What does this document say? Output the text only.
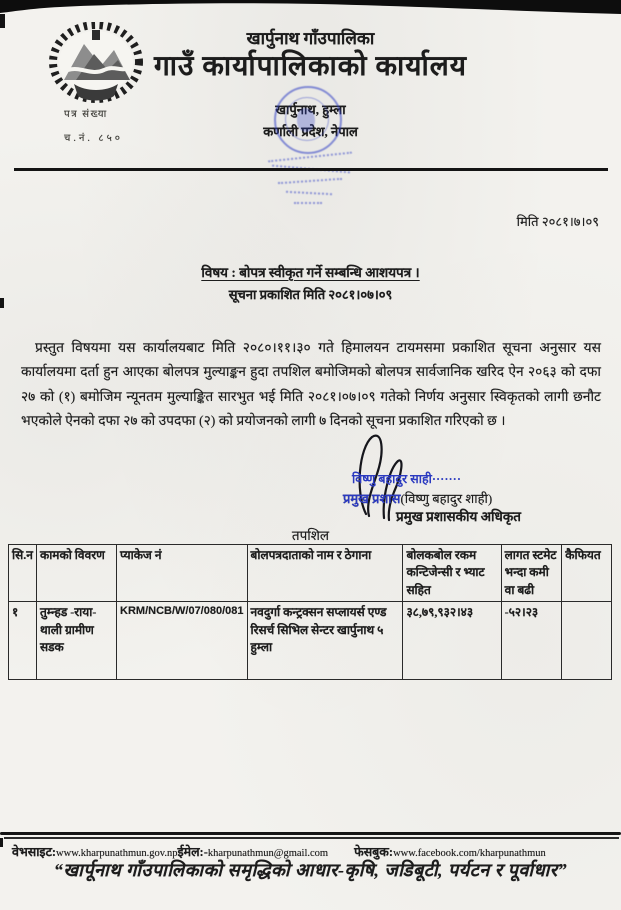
पत्र संख्या
च.नं. ८५०
खार्पुनाथ गाँउपालिका
गाउँ कार्यापालिकाको कार्यालय
खार्पुनाथ, हुम्ला
कर्णाली प्रदेश, नेपाल
मिति २०८१।७।०९
विषय : बोपत्र स्वीकृत गर्ने सम्बन्धि आशयपत्र ।
सूचना प्रकाशित मिति २०८१।०७।०९
प्रस्तुत विषयमा यस कार्यालयबाट मिति २०८०।११।३० गते हिमालयन टायमसमा प्रकाशित सूचना अनुसार यस कार्यालयमा दर्ता हुन आएका बोलपत्र मुल्याङ्कन हुदा तपशिल बमोजिमको बोलपत्र सार्वजानिक खरिद ऐन २०६३ को दफा २७ को (१) बमोजिम न्यूनतम मुल्याङ्कित सारभुत भई मिति २०८१।०७।०९ गतेको निर्णय अनुसार स्विकृतको लागी छनौट भएकोले ऐनको दफा २७ को उपदफा (२) को प्रयोजनको लागी ७ दिनको सूचना प्रकाशित गरिएको छ ।
विष्णु बहादुर साही·······
प्रमुख प्रशास(विष्णु बहादुर शाही)
प्रमुख प्रशासकीय अधिकृत
तपशिल
सि.न	कामको विवरण	प्याकेज नं	बोलपत्रदाताको नाम र ठेगाना	बोलकबोल रकम कन्टिजेन्सी र भ्याट सहित	लागत स्टमेट भन्दा कमी वा बढी	कैफियत
१	तुम्न्हड -राया-थाली ग्रामीण सडक	KRM/NCB/W/07/080/081	नवदुर्गा कन्ट्रक्सन सप्लायर्स एण्ड रिसर्च सिभिल सेन्टर खार्पुनाथ ५ हुम्ला	३८,७९,९३२।४३	-५२।२३	
वेभसाइट:www.kharpunathmun.gov.npईमेल:-kharpunathmun@gmail.com फेसबुक:www.facebook.com/kharpunathmun
“खार्पूनाथ गाँउपालिकाको समृद्धिको आधार-कृषि, जडिबूटी, पर्यटन र पूर्वाधार”
